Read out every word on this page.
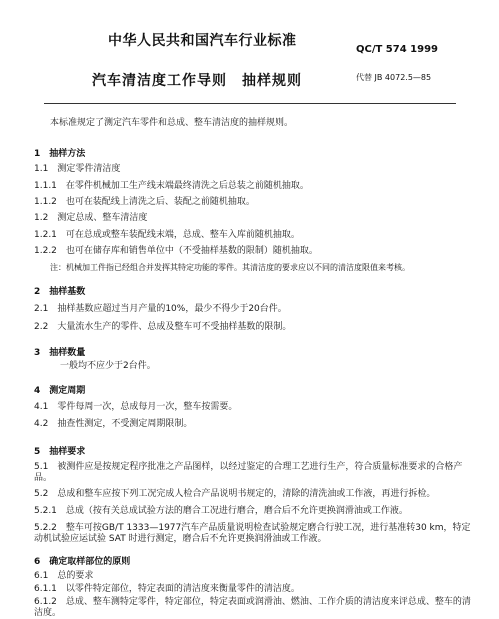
中华人民共和国汽车行业标准
QC/T 574 1999
汽车清洁度工作导则　抽样规则	代替 JB 4072.5—85
本标准规定了测定汽车零件和总成、整车清洁度的抽样规则。
1　抽样方法
1.1　测定零件清洁度
1.1.1　在零件机械加工生产线末端最终清洗之后总装之前随机抽取。
1.1.2　也可在装配线上清洗之后、装配之前随机抽取。
1.2　测定总成、整车清洁度
1.2.1　可在总成或整车装配线末端，总成、整车入库前随机抽取。
1.2.2　也可在储存库和销售单位中（不受抽样基数的限制）随机抽取。
注：机械加工件指已经组合并发挥其特定功能的零件。其清洁度的要求应以不同的清洁度限值来考核。
2　抽样基数
2.1　抽样基数应超过当月产量的10%，最少不得少于20台件。
2.2　大量流水生产的零件、总成及整车可不受抽样基数的限制。
3　抽样数量
一般均不应少于2台件。
4　测定周期
4.1　零件每周一次，总成每月一次，整车按需要。
4.2　抽查性测定，不受测定周期限制。
5　抽样要求
5.1　被测件应是按规定程序批准之产品图样，以经过鉴定的合理工艺进行生产，符合质量标准要求的合格产品。
5.2　总成和整车应按下列工况完成人检合产品说明书规定的，清除的清洗油或工作液，再进行拆检。
5.2.1　总成（按有关总成试验方法的磨合工况进行磨合，磨合后不允许更换润滑油或工作液。
5.2.2　整车可按GB/T 1333—1977汽车产品质量说明检查试验规定磨合行驶工况，进行基准转30 km，特定动机试验应运试验 SAT 时进行测定，磨合后不允许更换润滑油或工作液。
6　确定取样部位的原则
6.1　总的要求
6.1.1　以零件特定部位，特定表面的清洁度来衡量零件的清洁度。
6.1.2　总成、整车测特定零件，特定部位，特定表面或润滑油、燃油、工作介质的清洁度来评总成、整车的清洁度。
